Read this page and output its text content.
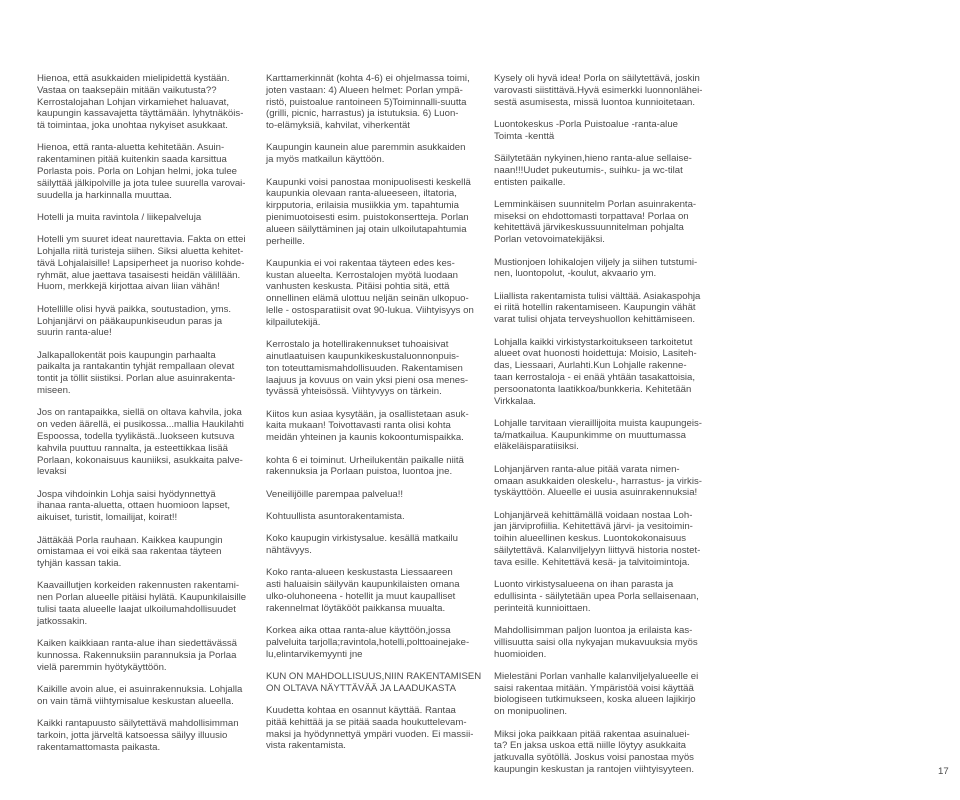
Hienoa, että asukkaiden mielipidettä kystään.
Vastaa on taaksepäin mitään vaikutusta??
Kerrostalojahan Lohjan virkamiehet haluavat,
kaupungin kassavajetta täyttämään. lyhytnäköis-
tä toimintaa, joka unohtaa nykyiset asukkaat.

Hienoa, että ranta-aluetta kehitetään. Asuin-
rakentaminen pitää kuitenkin saada karsittua
Porlasta pois. Porla on Lohjan helmi, joka tulee
säilyttää jälkipolville ja jota tulee suurella varovai-
suudella ja harkinnalla muuttaa.

Hotelli ja muita ravintola / liikepalveluja

Hotelli ym suuret ideat naurettavia. Fakta on ettei
Lohjalla riitä turisteja siihen. Siksi aluetta kehitet-
tävä Lohjalaisille! Lapsiperheet ja nuoriso kohde-
ryhmät, alue jaettava tasaisesti heidän välillään.
Huom, merkkejä kirjottaa aivan liian vähän!

Hotellille olisi hyvä paikka, soutustadion, yms.
Lohjanjärvi on pääkaupunkiseudun paras ja
suurin ranta-alue!

Jalkapallokentät pois kaupungin parhaalta
paikalta ja rantakantin tyhjät rempallaan olevat
tontit ja töllit siistiksi. Porlan alue asuinrakenta-
miseen.

Jos on rantapaikka, siellä on oltava kahvila, joka
on veden äärellä, ei pusikossa...mallia Haukilahti
Espoossa, todella tyylikästä..luokseen kutsuva
kahvila puuttuu rannalta, ja esteettikkaa lisää
Porlaan, kokonaisuus kauniiksi, asukkaita palve-
levaksi

Jospa vihdoinkin Lohja saisi hyödynnettyä
ihanaa ranta-aluetta, ottaen huomioon lapset,
aikuiset, turistit, lomailijat, koirat!!

Jättäkää Porla rauhaan. Kaikkea kaupungin
omistamaa ei voi eikä saa rakentaa täyteen
tyhjän kassan takia.

Kaavaillutjen korkeiden rakennusten rakentami-
nen Porlan alueelle pitäisi hylätä. Kaupunkilaisille
tulisi taata alueelle laajat ulkoilumahdollisuudet
jatkossakin.

Kaiken kaikkiaan ranta-alue ihan siedettävässä
kunnossa. Rakennuksiin parannuksia ja Porlaa
vielä paremmin hyötykäyttöön.

Kaikille avoin alue, ei asuinrakennuksia. Lohjalla
on vain tämä viihtymisalue keskustan alueella.

Kaikki rantapuusto säilytettävä mahdollisimman
tarkoin, jotta järveltä katsoessa säilyy illuusio
rakentamattomasta paikasta.

Karttamerkinnät (kohta 4-6) ei ohjelmassa toimi,
joten vastaan: 4) Alueen helmet: Porlan ympä-
ristö, puistoalue rantoineen 5)Toiminnalli-suutta
(grilli, picnic, harrastus) ja istutuksia. 6) Luon-
to-elämyksiä, kahvilat, viherkentät

Kaupungin kaunein alue paremmin asukkaiden
ja myös matkailun käyttöön.

Kaupunki voisi panostaa monipuolisesti keskellä
kaupunkia olevaan ranta-alueeseen, iltatoria,
kirpputoria, erilaisia musiikkia ym. tapahtumia
pienimuotoisesti esim. puistokonsertteja. Porlan
alueen säilyttäminen jaj otain ulkoilutapahtumia
perheille.

Kaupunkia ei voi rakentaa täyteen edes kes-
kustan alueelta. Kerrostalojen myötä luodaan
vanhusten keskusta. Pitäisi pohtia sitä, että
onnellinen elämä ulottuu neljän seinän ulkopuo-
lelle - ostosparatiisit ovat 90-lukua. Viihtyisyys on
kilpailutekijä.

Kerrostalo ja hotellirakennukset tuhoaisivat
ainutlaatuisen kaupunkikeskustaluonnonpuis-
ton toteuttamismahdollisuuden. Rakentamisen
laajuus ja kovuus on vain yksi pieni osa menes-
tyvässä yhteisössä. Viihtyvyys on tärkein.

Kiitos kun asiaa kysytään, ja osallistetaan asuk-
kaita mukaan! Toivottavasti ranta olisi kohta
meidän yhteinen ja kaunis kokoontumispaikka.

kohta 6 ei toiminut. Urheilukentän paikalle niitä
rakennuksia ja Porlaan puistoa, luontoa jne.

Veneilijöille parempaa palvelua!!

Kohtuullista asuntorakentamista.

Koko kaupugin virkistysalue. kesällä matkailu
nähtävyys.

Koko ranta-alueen keskustasta Liessaareen
asti haluaisin säilyvän kaupunkilaisten omana
ulko-oluhoneena - hotellit ja muut kaupalliset
rakennelmat löytäkööt paikkansa muualta.

Korkea aika ottaa ranta-alue käyttöön,jossa
palveluita tarjolla;ravintola,hotelli,polttoainejake-
lu,elintarvikemyynti jne

KUN ON MAHDOLLISUUS,NIIN RAKENTAMISEN
ON OLTAVA NÄYTTÄVÄÄ JA LAADUKASTA

Kuudetta kohtaa en osannut käyttää. Rantaa
pitää kehittää ja se pitää saada houkuttelevam-
maksi ja hyödynnettyä ympäri vuoden. Ei massii-
vista rakentamista.

Kysely oli hyvä idea! Porla on säilytettävä, joskin
varovasti siistittävä.Hyvä esimerkki luonnonlähei-
sestä asumisesta, missä luontoa kunnioitetaan.

Luontokeskus -Porla Puistoalue -ranta-alue
Toimta -kenttä

Säilytetään nykyinen,hieno ranta-alue sellaise-
naan!!!Uudet pukeutumis-, suihku- ja wc-tilat
entisten paikalle.

Lemminkäisen suunnitelm Porlan asuinrakenta-
miseksi on ehdottomasti torpattava! Porlaa on
kehitettävä järvikeskussuunnitelman pohjalta
Porlan vetovoimatekijäksi.

Mustionjoen lohikalojen viljely ja siihen tutstumi-
nen, luontopolut, -koulut, akvaario ym.

Liiallista rakentamista tulisi välttää. Asiakaspohja
ei riitä hotellin rakentamiseen. Kaupungin vähät
varat tulisi ohjata terveyshuollon kehittämiseen.

Lohjalla kaikki virkistystarkoitukseen tarkoitetut
alueet ovat huonosti hoidettuja: Moisio, Lasiteh-
das, Liessaari, Aurlahti.Kun Lohjalle rakenne-
taan kerrostaloja - ei enää yhtään tasakattoisia,
persoonatonta laatikkoa/bunkkeria. Kehitetään
Virkkalaa.

Lohjalle tarvitaan vieraillijoita muista kaupungeis-
ta/matkailua. Kaupunkimme on muuttumassa
eläkeläisparatiisiksi.

Lohjanjärven ranta-alue pitää varata nimen-
omaan asukkaiden oleskelu-, harrastus- ja virkis-
tyskäyttöön. Alueelle ei uusia asuinrakennuksia!

Lohjanjärveä kehittämällä voidaan nostaa Loh-
jan järviprofiilia. Kehitettävä järvi- ja vesitoimin-
toihin alueellinen keskus. Luontokokonaisuus
säilytettävä. Kalanviljelyyn liittyvä historia nostet-
tava esille. Kehitettävä kesä- ja talvitoimintoja.

Luonto virkistysalueena on ihan parasta ja
edullisinta - säilytetään upea Porla sellaisenaan,
perinteitä kunnioittaen.

Mahdollisimman paljon luontoa ja erilaista kas-
villisuutta saisi olla nykyajan mukavuuksia myös
huomioiden.

Mielestäni Porlan vanhalle kalanviljelyalueelle ei
saisi rakentaa mitään. Ympäristöä voisi käyttää
biologiseen tutkimukseen, koska alueen lajikirjo
on monipuolinen.

Miksi joka paikkaan pitää rakentaa asuinaluei-
ta? En jaksa uskoa että niille löytyy asukkaita
jatkuvalla syötöllä. Joskus voisi panostaa myös
kaupungin keskustan ja rantojen viihtyisyyteen.	17
